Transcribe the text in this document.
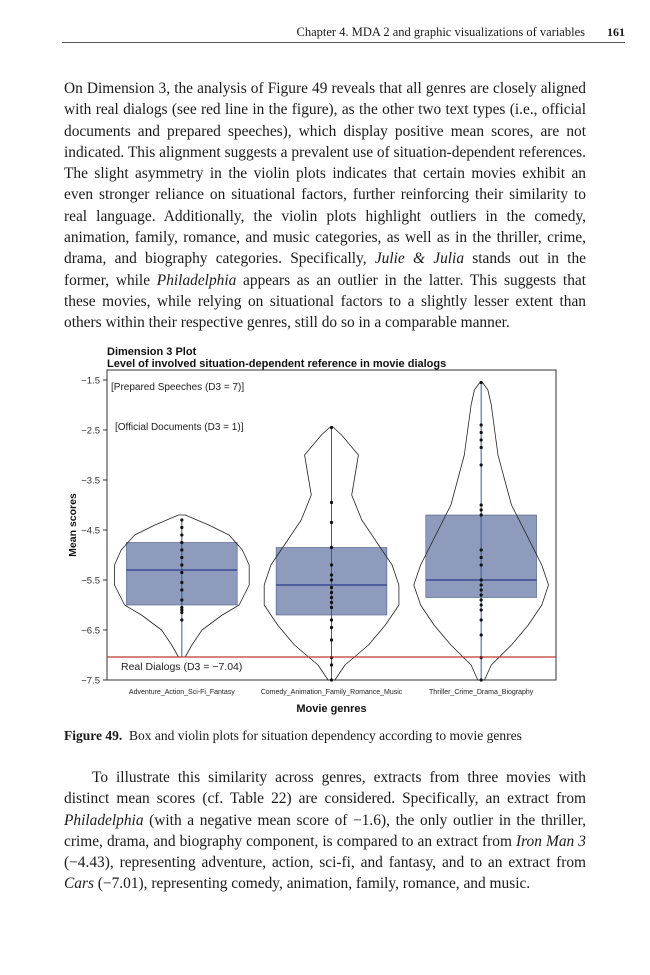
Chapter 4. MDA 2 and graphic visualizations of variables 161

On Dimension 3, the analysis of Figure 49 reveals that all genres are closely aligned with real dialogs (see red line in the figure), as the other two text types (i.e., official documents and prepared speeches), which display positive mean scores, are not indicated. This alignment suggests a prevalent use of situation-dependent references. The slight asymmetry in the violin plots indicates that certain movies exhibit an even stronger reliance on situational factors, further reinforcing their similarity to real language. Additionally, the violin plots highlight outliers in the comedy, animation, family, romance, and music categories, as well as in the thriller, crime, drama, and biography categories. Specifically, Julie & Julia stands out in the former, while Philadelphia appears as an outlier in the latter. This suggests that these movies, while relying on situational factors to a slightly lesser extent than others within their respective genres, still do so in a comparable manner.

Dimension 3 Plot
Level of involved situation-dependent reference in movie dialogs
−1.5
−2.5
−3.5
−4.5
−5.5
−6.5
−7.5
Mean scores
Adventure_Action_Sci-Fi_Fantasy	Comedy_Animation_Family_Romance_Music	Thriller_Crime_Drama_Biography
[Prepared Speeches (D3 = 7)]
[Official Documents (D3 = 1)]
Real Dialogs (D3 = −7.04)
Movie genres
Figure 49. Box and violin plots for situation dependency according to movie genres

To illustrate this similarity across genres, extracts from three movies with distinct mean scores (cf. Table 22) are considered. Specifically, an extract from Philadelphia (with a negative mean score of −1.6), the only outlier in the thriller, crime, drama, and biography component, is compared to an extract from Iron Man 3 (−4.43), representing adventure, action, sci-fi, and fantasy, and to an extract from Cars (−7.01), representing comedy, animation, family, romance, and music.
